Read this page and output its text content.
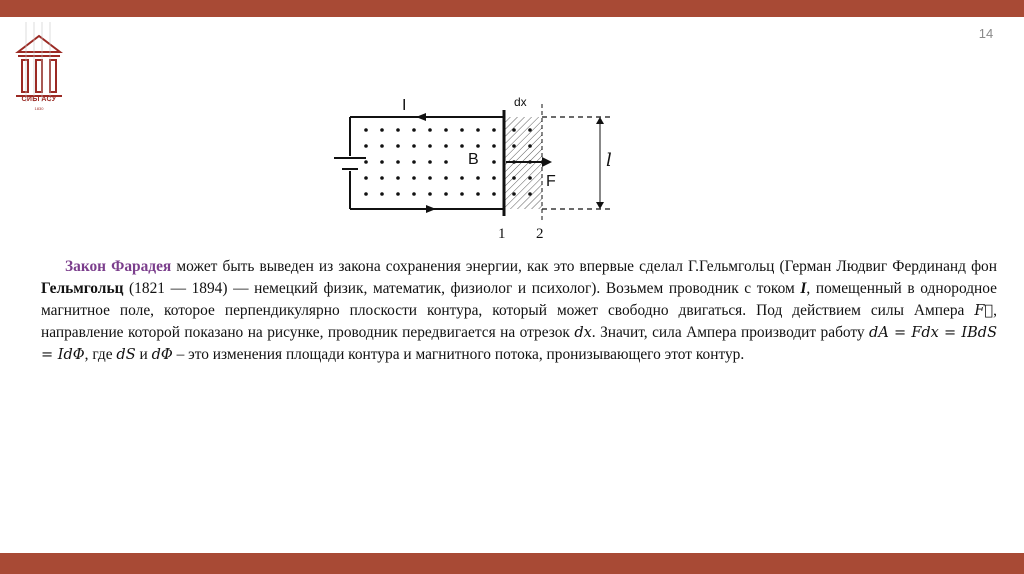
14
СИБГАСУ
1830	I	dx
B
F
l
1 2
Закон Фарадея может быть выведен из закона сохранения энергии, как это впервые сделал Г.Гельмгольц (Герман Людвиг Фердинанд фон Гельмгольц (1821 — 1894) — немецкий физик, математик, физиолог и психолог). Возьмем проводник с током I, помещенный в однородное магнитное поле, которое перпендикулярно плоскости контура, который может свободно двигаться. Под действием силы Ампера F⃗, направление которой показано на рисунке, проводник передвигается на отрезок dx. Значит, сила Ампера производит работу dA = Fdx = IBdS = IdΦ, где dS и dΦ – это изменения площади контура и магнитного потока, пронизывающего этот контур.
